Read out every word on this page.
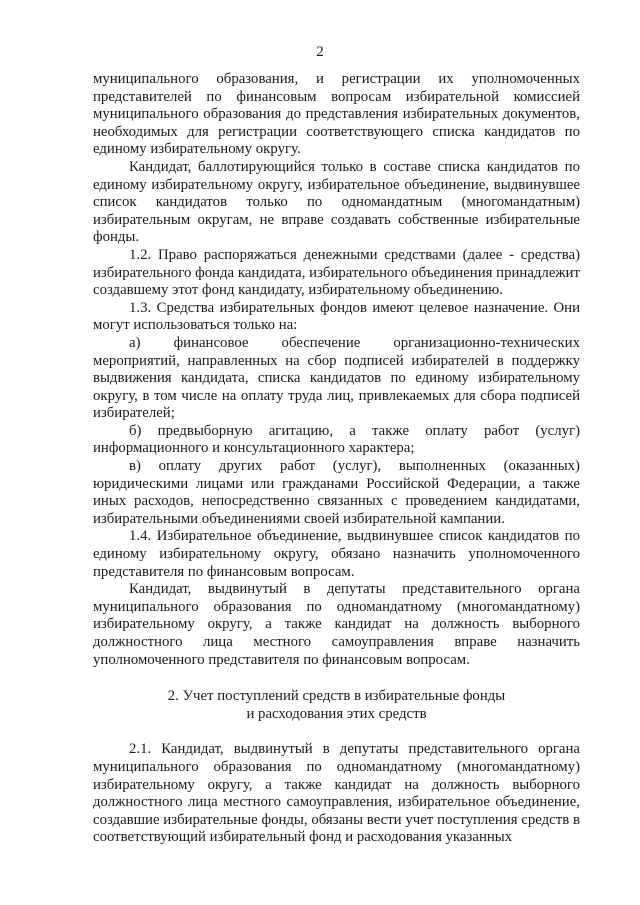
2

муниципального образования, и регистрации их уполномоченных представителей по финансовым вопросам избирательной комиссией муниципального образования до представления избирательных документов, необходимых для регистрации соответствующего списка кандидатов по единому избирательному округу.

Кандидат, баллотирующийся только в составе списка кандидатов по единому избирательному округу, избирательное объединение, выдвинувшее список кандидатов только по одномандатным (многомандатным) избирательным округам, не вправе создавать собственные избирательные фонды.

1.2. Право распоряжаться денежными средствами (далее - средства) избирательного фонда кандидата, избирательного объединения принадлежит создавшему этот фонд кандидату, избирательному объединению.

1.3. Средства избирательных фондов имеют целевое назначение. Они могут использоваться только на:

а) финансовое обеспечение организационно-технических мероприятий, направленных на сбор подписей избирателей в поддержку выдвижения кандидата, списка кандидатов по единому избирательному округу, в том числе на оплату труда лиц, привлекаемых для сбора подписей избирателей;

б) предвыборную агитацию, а также оплату работ (услуг) информационного и консультационного характера;

в) оплату других работ (услуг), выполненных (оказанных) юридическими лицами или гражданами Российской Федерации, а также иных расходов, непосредственно связанных с проведением кандидатами, избирательными объединениями своей избирательной кампании.

1.4. Избирательное объединение, выдвинувшее список кандидатов по единому избирательному округу, обязано назначить уполномоченного представителя по финансовым вопросам.

Кандидат, выдвинутый в депутаты представительного органа муниципального образования по одномандатному (многомандатному) избирательному округу, а также кандидат на должность выборного должностного лица местного самоуправления вправе назначить уполномоченного представителя по финансовым вопросам.

2. Учет поступлений средств в избирательные фонды
и расходования этих средств

2.1. Кандидат, выдвинутый в депутаты представительного органа муниципального образования по одномандатному (многомандатному) избирательному округу, а также кандидат на должность выборного должностного лица местного самоуправления, избирательное объединение, создавшие избирательные фонды, обязаны вести учет поступления средств в соответствующий избирательный фонд и расходования указанных
